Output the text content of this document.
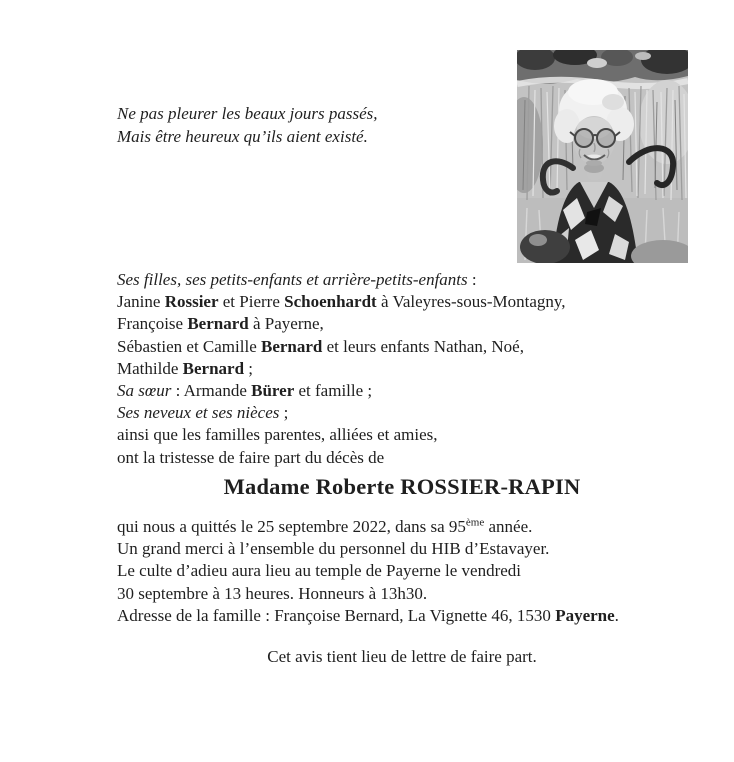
Ne pas pleurer les beaux jours passés,
Mais être heureux qu’ils aient existé.
Ses filles, ses petits-enfants et arrière-petits-enfants :
Janine Rossier et Pierre Schoenhardt à Valeyres-sous-Montagny,
Françoise Bernard à Payerne,
Sébastien et Camille Bernard et leurs enfants Nathan, Noé,
Mathilde Bernard ;
Sa sœur : Armande Bürer et famille ;
Ses neveux et ses nièces ;
ainsi que les familles parentes, alliées et amies,
ont la tristesse de faire part du décès de
Madame Roberte ROSSIER-RAPIN
qui nous a quittés le 25 septembre 2022, dans sa 95ème année.
Un grand merci à l’ensemble du personnel du HIB d’Estavayer.
Le culte d’adieu aura lieu au temple de Payerne le vendredi
30 septembre à 13 heures. Honneurs à 13h30.
Adresse de la famille : Françoise Bernard, La Vignette 46, 1530 Payerne.
Cet avis tient lieu de lettre de faire part.
